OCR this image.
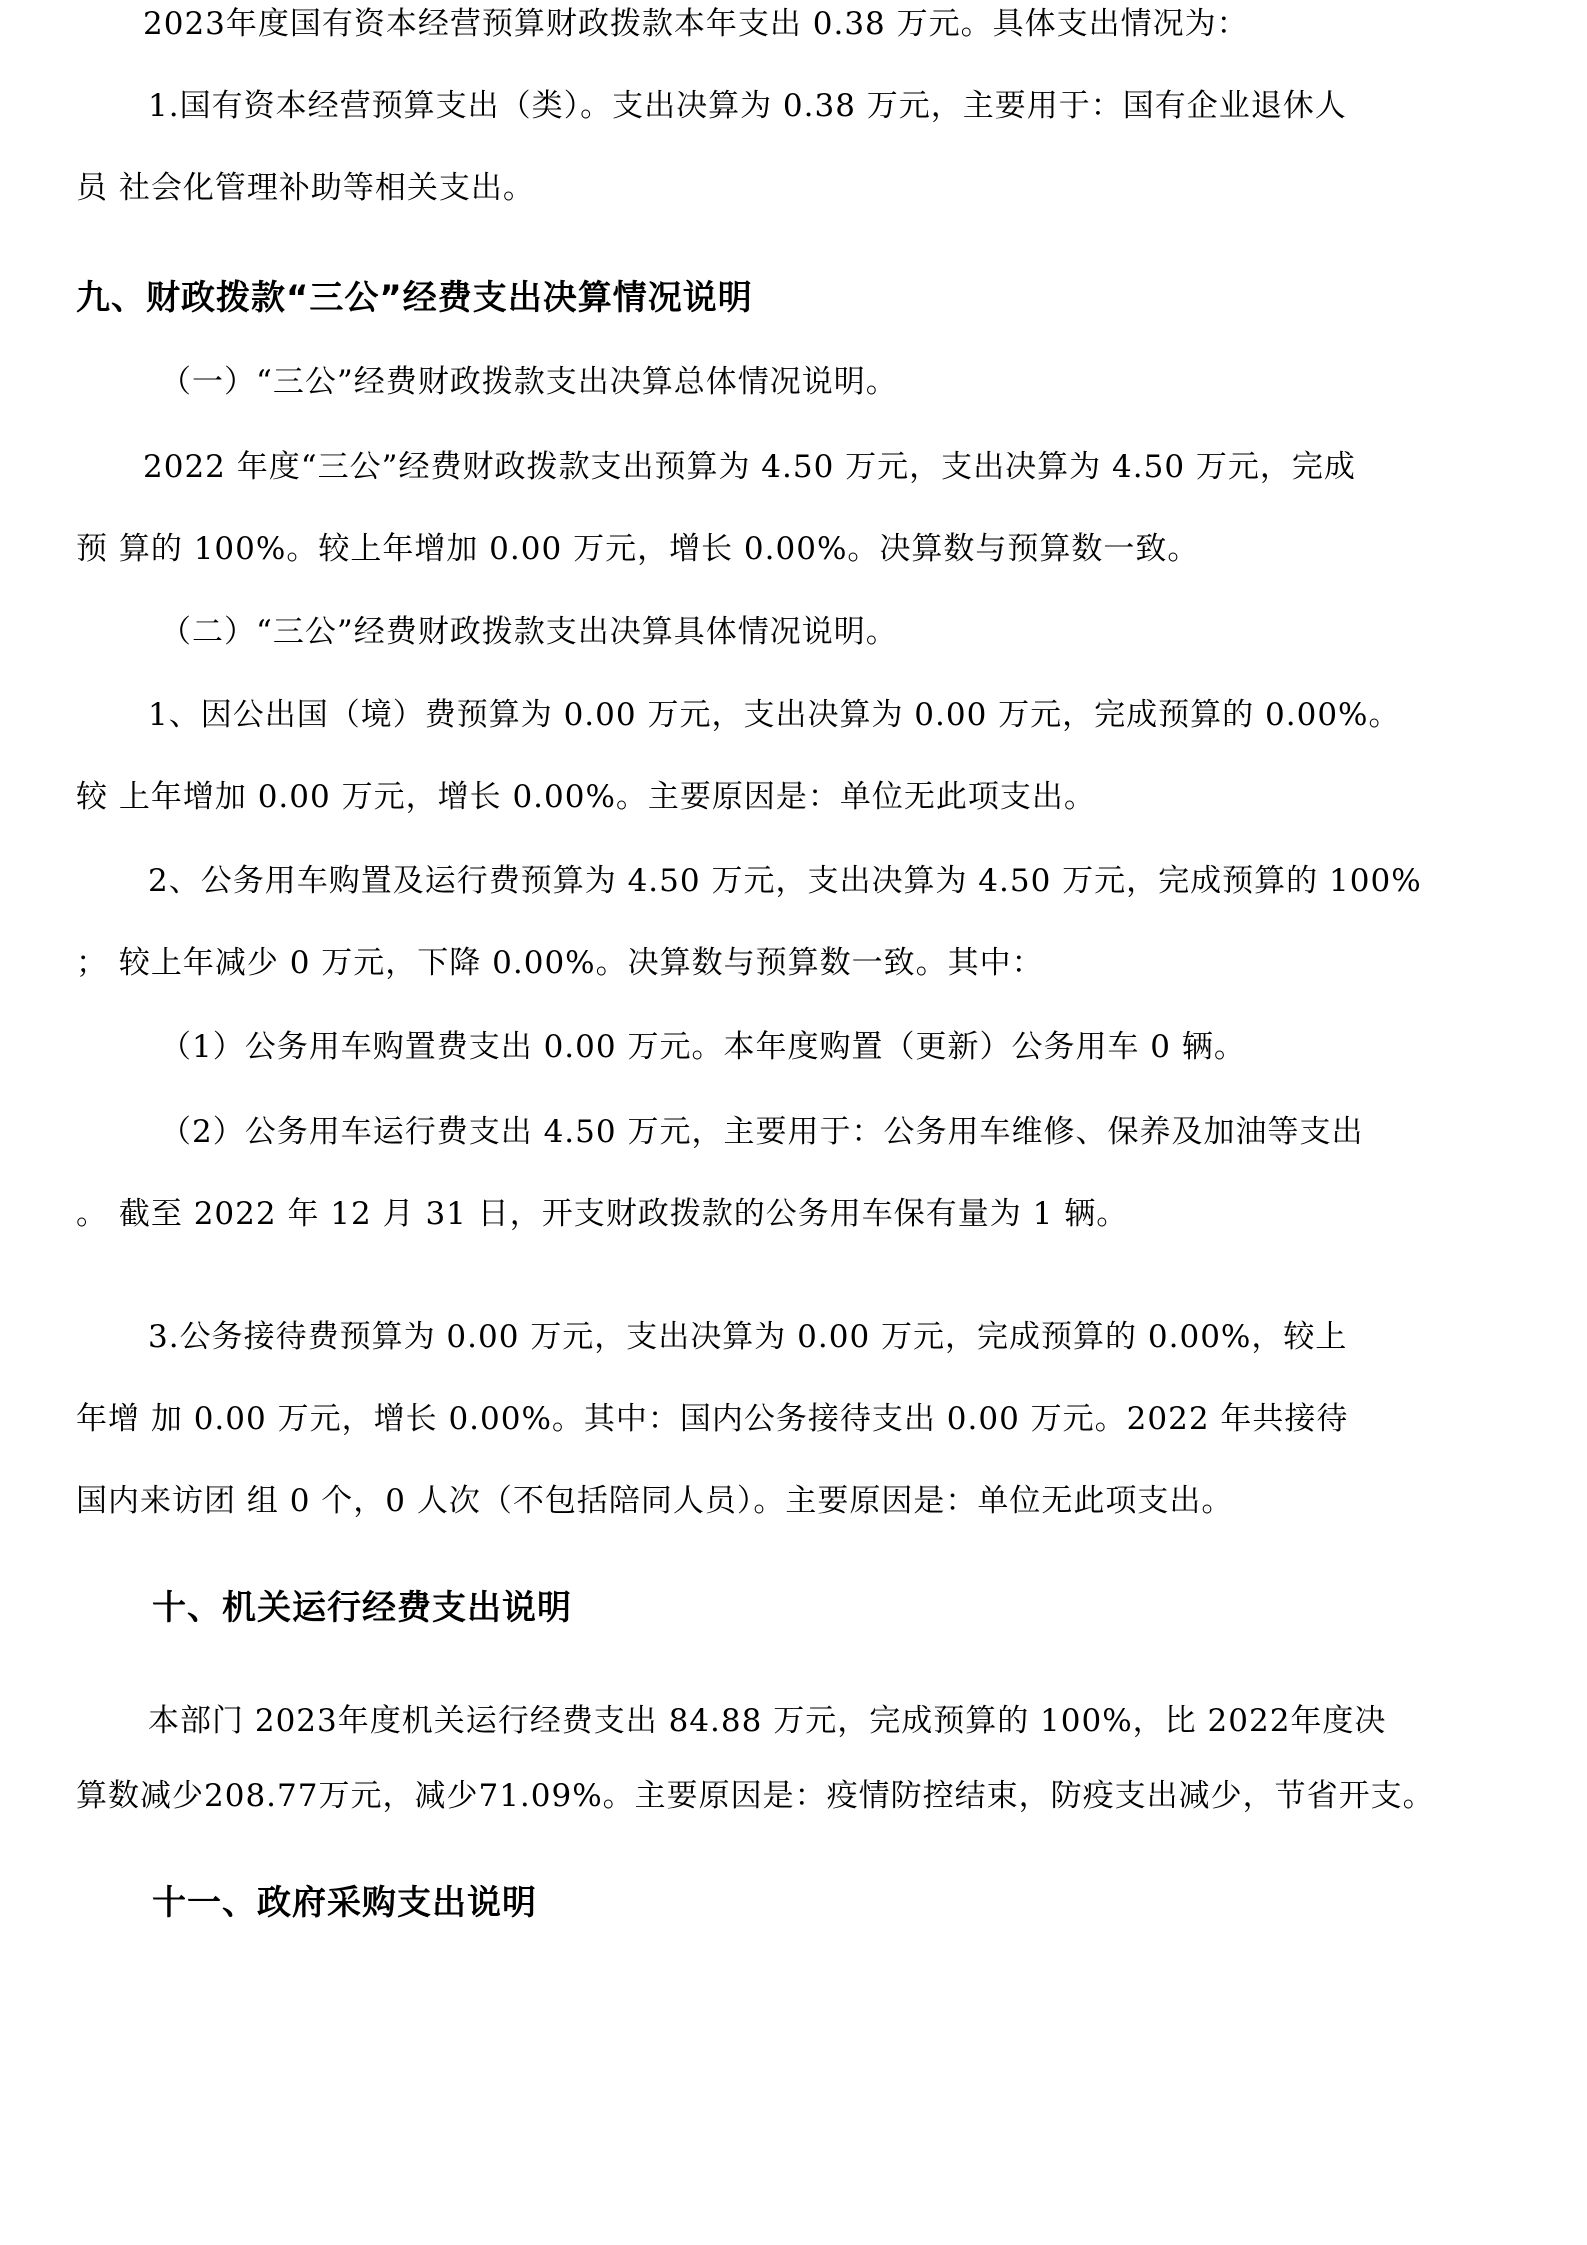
2023年度国有资本经营预算财政拨款本年支出 0.38 万元。具体支出情况为：
1.国有资本经营预算支出（类）。支出决算为 0.38 万元，主要用于：国有企业退休人
员 社会化管理补助等相关支出。
九、财政拨款“三公”经费支出决算情况说明
（一）“三公”经费财政拨款支出决算总体情况说明。
2022 年度“三公”经费财政拨款支出预算为 4.50 万元，支出决算为 4.50 万元，完成
预 算的 100%。较上年增加 0.00 万元，增长 0.00%。决算数与预算数一致。
（二）“三公”经费财政拨款支出决算具体情况说明。
1、因公出国（境）费预算为 0.00 万元，支出决算为 0.00 万元，完成预算的 0.00%。
较 上年增加 0.00 万元，增长 0.00%。主要原因是：单位无此项支出。
2、公务用车购置及运行费预算为 4.50 万元，支出决算为 4.50 万元，完成预算的 100%
； 较上年减少 0 万元，下降 0.00%。决算数与预算数一致。其中：
（1）公务用车购置费支出 0.00 万元。本年度购置（更新）公务用车 0 辆。
（2）公务用车运行费支出 4.50 万元，主要用于：公务用车维修、保养及加油等支出
。 截至 2022 年 12 月 31 日，开支财政拨款的公务用车保有量为 1 辆。
3.公务接待费预算为 0.00 万元，支出决算为 0.00 万元，完成预算的 0.00%，较上
年增 加 0.00 万元，增长 0.00%。其中：国内公务接待支出 0.00 万元。2022 年共接待
国内来访团 组 0 个，0 人次（不包括陪同人员）。主要原因是：单位无此项支出。
十、机关运行经费支出说明
本部门 2023年度机关运行经费支出 84.88 万元，完成预算的 100%，比 2022年度决
算数减少208.77万元，减少71.09%。主要原因是：疫情防控结束，防疫支出减少，节省开支。
十一、政府采购支出说明
